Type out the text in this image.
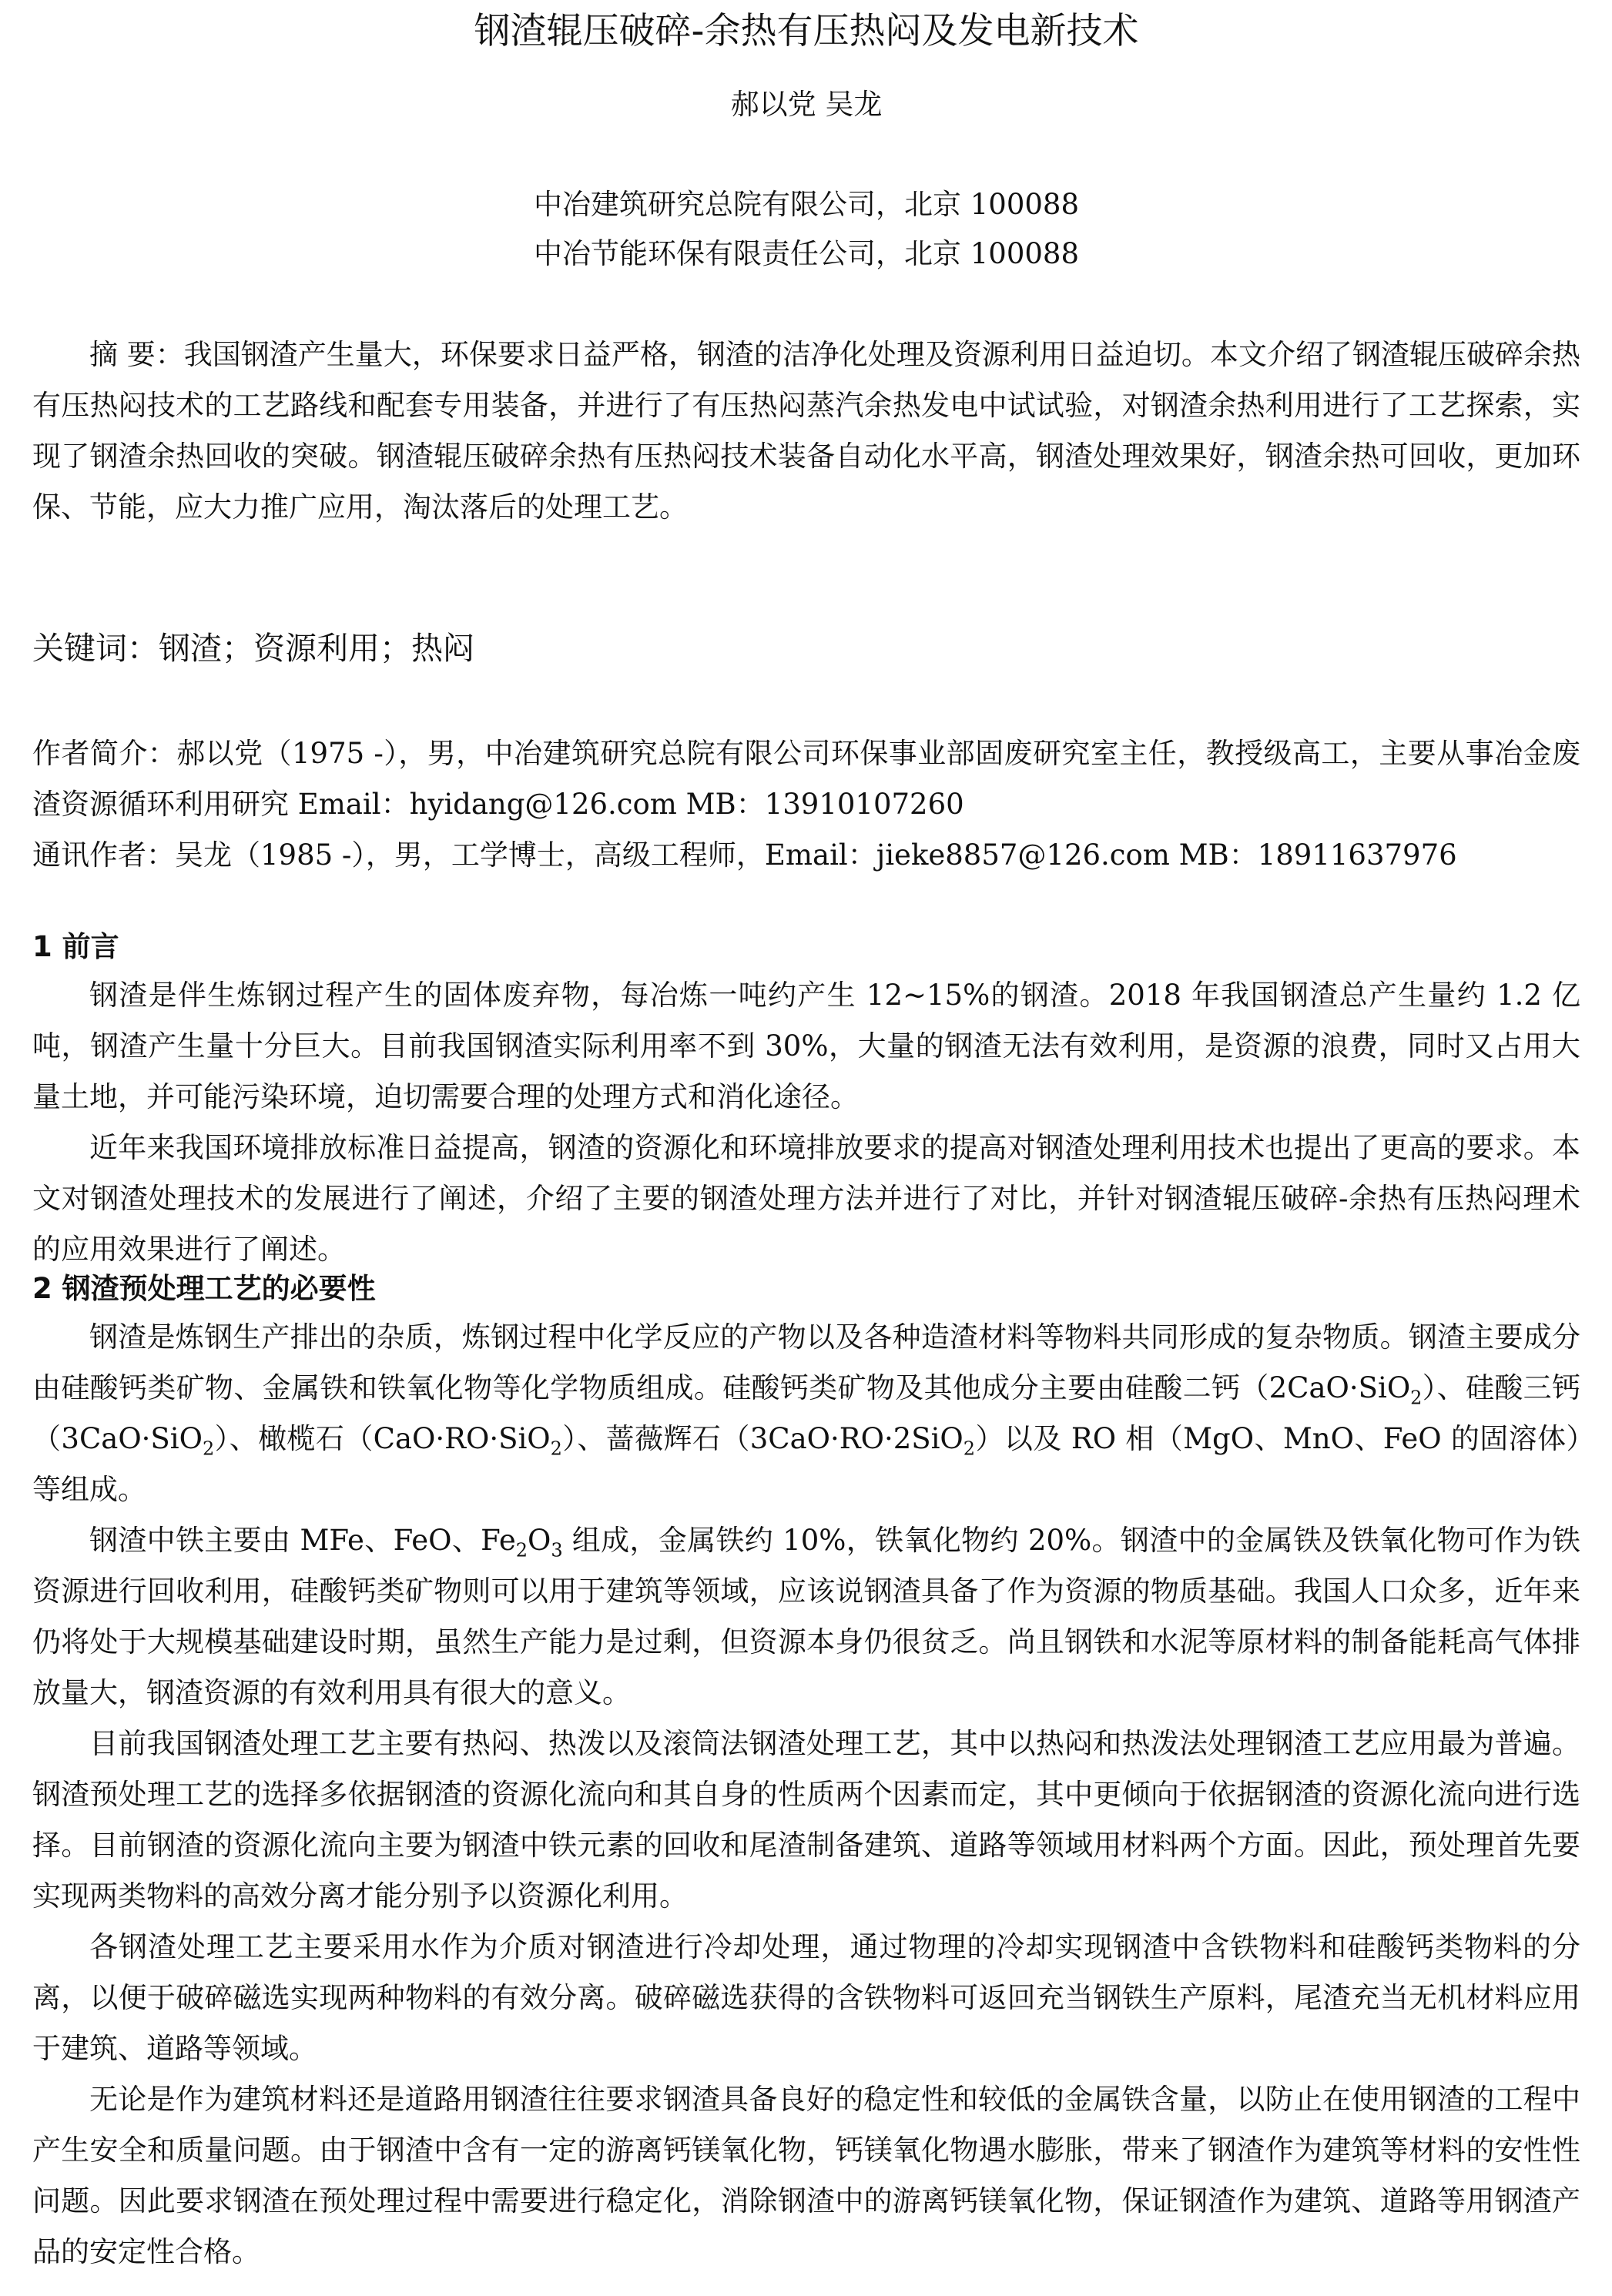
钢渣辊压破碎-余热有压热闷及发电新技术
郝以党 吴龙
中冶建筑研究总院有限公司，北京 100088
中冶节能环保有限责任公司，北京 100088
摘 要：我国钢渣产生量大，环保要求日益严格，钢渣的洁净化处理及资源利用日益迫切。本文介绍了钢渣辊压破碎余热有压热闷技术的工艺路线和配套专用装备，并进行了有压热闷蒸汽余热发电中试试验，对钢渣余热利用进行了工艺探索，实现了钢渣余热回收的突破。钢渣辊压破碎余热有压热闷技术装备自动化水平高，钢渣处理效果好，钢渣余热可回收，更加环保、节能，应大力推广应用，淘汰落后的处理工艺。
关键词：钢渣；资源利用；热闷

作者简介：郝以党（1975 -），男，中冶建筑研究总院有限公司环保事业部固废研究室主任，教授级高工，主要从事冶金废渣资源循环利用研究 Email：hyidang@126.com MB：13910107260

通讯作者：吴龙（1985 -），男，工学博士，高级工程师，Email：jieke8857@126.com MB：18911637976

1 前言

钢渣是伴生炼钢过程产生的固体废弃物，每冶炼一吨约产生 12~15%的钢渣。2018 年我国钢渣总产生量约 1.2 亿吨，钢渣产生量十分巨大。目前我国钢渣实际利用率不到 30%，大量的钢渣无法有效利用，是资源的浪费，同时又占用大量土地，并可能污染环境，迫切需要合理的处理方式和消化途径。

近年来我国环境排放标准日益提高，钢渣的资源化和环境排放要求的提高对钢渣处理利用技术也提出了更高的要求。本文对钢渣处理技术的发展进行了阐述，介绍了主要的钢渣处理方法并进行了对比，并针对钢渣辊压破碎-余热有压热闷理术的应用效果进行了阐述。

2 钢渣预处理工艺的必要性

钢渣是炼钢生产排出的杂质，炼钢过程中化学反应的产物以及各种造渣材料等物料共同形成的复杂物质。钢渣主要成分由硅酸钙类矿物、金属铁和铁氧化物等化学物质组成。硅酸钙类矿物及其他成分主要由硅酸二钙（2CaO·SiO$_2$）、硅酸三钙（3CaO·SiO$_2$）、橄榄石（CaO·RO·SiO$_2$）、蔷薇辉石（3CaO·RO·2SiO$_2$）以及 RO 相（MgO、MnO、FeO 的固溶体）等组成。

钢渣中铁主要由 MFe、FeO、$Fe_2O_3$ 组成，金属铁约 10%，铁氧化物约 20%。钢渣中的金属铁及铁氧化物可作为铁资源进行回收利用，硅酸钙类矿物则可以用于建筑等领域，应该说钢渣具备了作为资源的物质基础。我国人口众多，近年来仍将处于大规模基础建设时期，虽然生产能力是过剩，但资源本身仍很贫乏。尚且钢铁和水泥等原材料的制备能耗高气体排放量大，钢渣资源的有效利用具有很大的意义。

目前我国钢渣处理工艺主要有热闷、热泼以及滚筒法钢渣处理工艺，其中以热闷和热泼法处理钢渣工艺应用最为普遍。钢渣预处理工艺的选择多依据钢渣的资源化流向和其自身的性质两个因素而定，其中更倾向于依据钢渣的资源化流向进行选择。目前钢渣的资源化流向主要为钢渣中铁元素的回收和尾渣制备建筑、道路等领域用材料两个方面。因此，预处理首先要实现两类物料的高效分离才能分别予以资源化利用。

各钢渣处理工艺主要采用水作为介质对钢渣进行冷却处理，通过物理的冷却实现钢渣中含铁物料和硅酸钙类物料的分离，以便于破碎磁选实现两种物料的有效分离。破碎磁选获得的含铁物料可返回充当钢铁生产原料，尾渣充当无机材料应用于建筑、道路等领域。

无论是作为建筑材料还是道路用钢渣往往要求钢渣具备良好的稳定性和较低的金属铁含量，以防止在使用钢渣的工程中产生安全和质量问题。由于钢渣中含有一定的游离钙镁氧化物，钙镁氧化物遇水膨胀，带来了钢渣作为建筑等材料的安性性问题。因此要求钢渣在预处理过程中需要进行稳定化，消除钢渣中的游离钙镁氧化物，保证钢渣作为建筑、道路等用钢渣产品的安定性合格。
